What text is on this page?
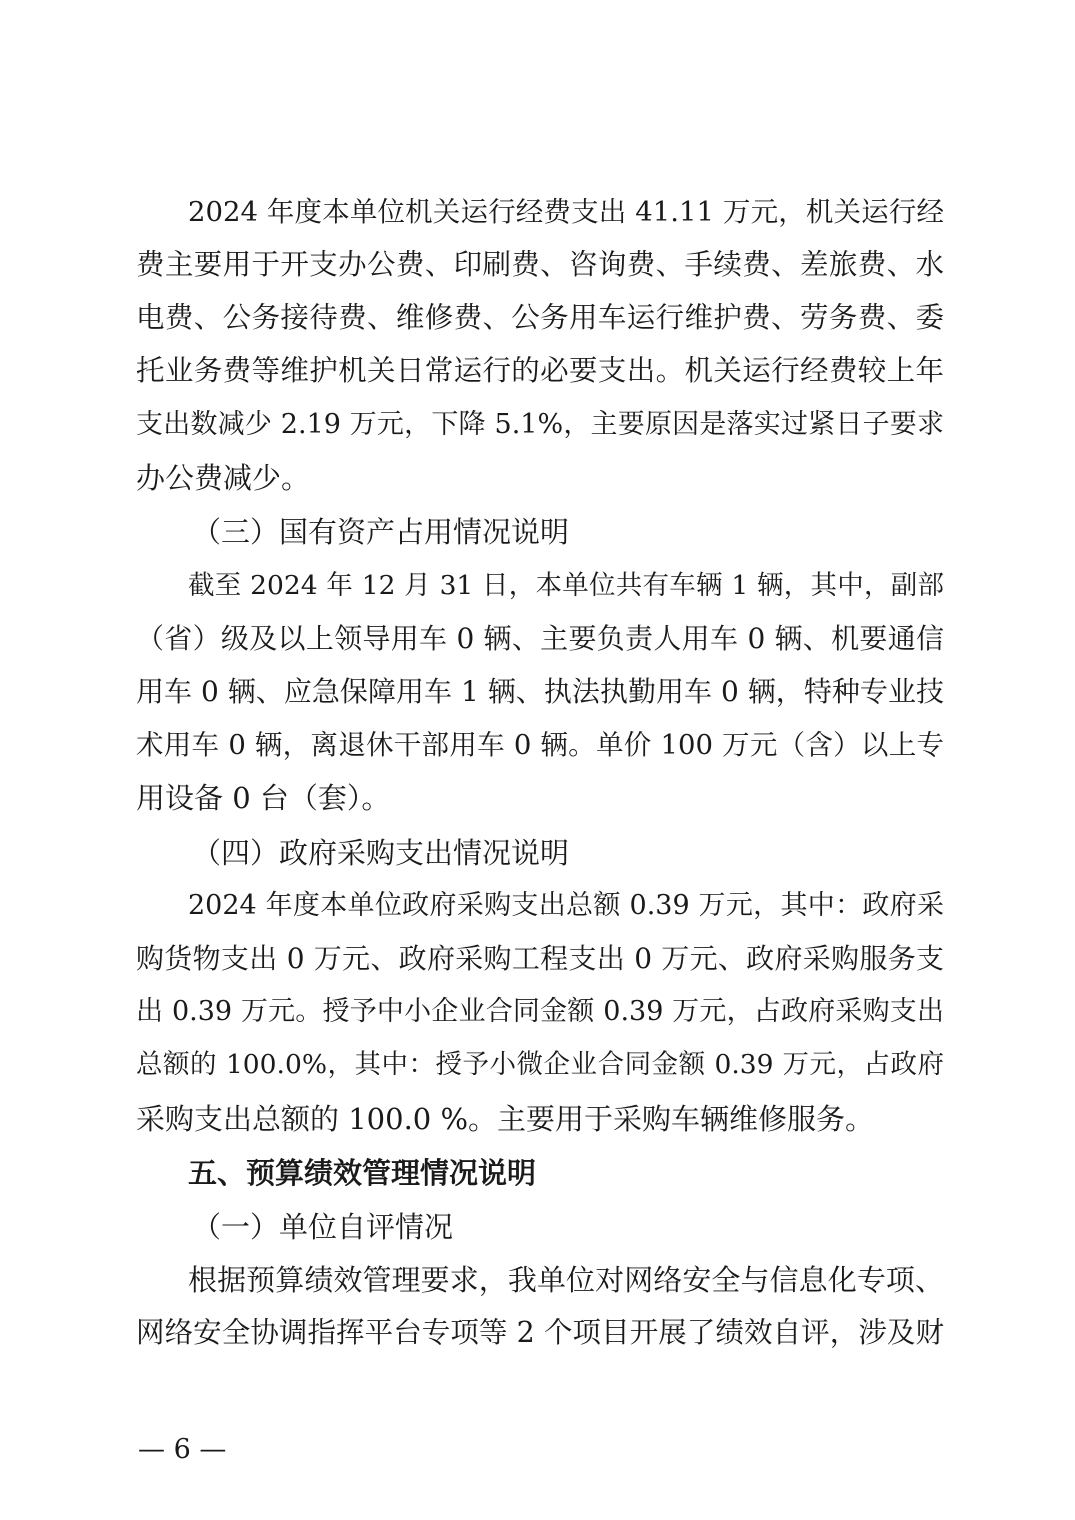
2024 年度本单位机关运行经费支出 41.11 万元，机关运行经
费主要用于开支办公费、印刷费、咨询费、手续费、差旅费、水
电费、公务接待费、维修费、公务用车运行维护费、劳务费、委
托业务费等维护机关日常运行的必要支出。机关运行经费较上年
支出数减少 2.19 万元，下降 5.1%，主要原因是落实过紧日子要求
办公费减少。
（三）国有资产占用情况说明
截至 2024 年 12 月 31 日，本单位共有车辆 1 辆，其中，副部
（省）级及以上领导用车 0 辆、主要负责人用车 0 辆、机要通信
用车 0 辆、应急保障用车 1 辆、执法执勤用车 0 辆，特种专业技
术用车 0 辆，离退休干部用车 0 辆。单价 100 万元（含）以上专
用设备 0 台（套）。
（四）政府采购支出情况说明
2024 年度本单位政府采购支出总额 0.39 万元，其中：政府采
购货物支出 0 万元、政府采购工程支出 0 万元、政府采购服务支
出 0.39 万元。授予中小企业合同金额 0.39 万元，占政府采购支出
总额的 100.0%，其中：授予小微企业合同金额 0.39 万元，占政府
采购支出总额的 100.0 %。主要用于采购车辆维修服务。
五、预算绩效管理情况说明
（一）单位自评情况
根据预算绩效管理要求，我单位对网络安全与信息化专项、
网络安全协调指挥平台专项等 2 个项目开展了绩效自评，涉及财
— 6 —
